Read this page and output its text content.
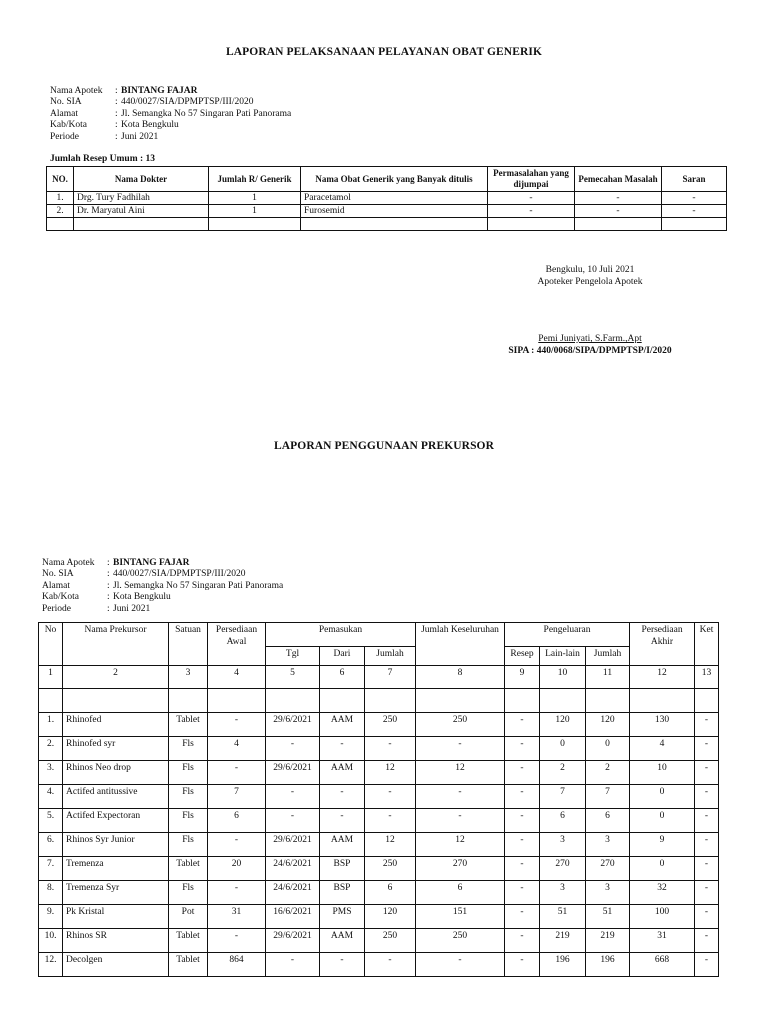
LAPORAN PELAKSANAAN PELAYANAN OBAT GENERIK
Nama Apotek	: BINTANG FAJAR
No. SIA	: 440/0027/SIA/DPMPTSP/III/2020
Alamat	: Jl. Semangka No 57 Singaran Pati Panorama
Kab/Kota	: Kota Bengkulu
Periode	: Juni 2021
Jumlah Resep Umum : 13
NO.	Nama Dokter	Jumlah R/ Generik	Nama Obat Generik yang Banyak ditulis	Permasalahan yang dijumpai	Pemecahan Masalah	Saran
1.	Drg. Tury Fadhilah	1	Paracetamol	-	-	-
2.	Dr. Maryatul Aini	1	Furosemid	-	-	-

Bengkulu, 10 Juli 2021
Apoteker Pengelola Apotek
Pemi Juniyati, S.Farm.,Apt
SIPA : 440/0068/SIPA/DPMPTSP/I/2020
LAPORAN PENGGUNAAN PREKURSOR
Nama Apotek	: BINTANG FAJAR
No. SIA	: 440/0027/SIA/DPMPTSP/III/2020
Alamat	: Jl. Semangka No 57 Singaran Pati Panorama
Kab/Kota	: Kota Bengkulu
Periode	: Juni 2021
No	Nama Prekursor	Satuan	Persediaan Awal	Pemasukan			Jumlah Keseluruhan	Pengeluaran			Persediaan Akhir	Ket
				Tgl	Dari	Jumlah		Resep	Lain-lain	Jumlah		
1	2	3	4	5	6	7	8	9	10	11	12	13

1.	Rhinofed	Tablet	-	29/6/2021	AAM	250	250	-	120	120	130	-
2.	Rhinofed syr	Fls	4	-	-	-	-	-	0	0	4	-
3.	Rhinos Neo drop	Fls	-	29/6/2021	AAM	12	12	-	2	2	10	-
4.	Actifed antitussive	Fls	7	-	-	-	-	-	7	7	0	-
5.	Actifed Expectoran	Fls	6	-	-	-	-	-	6	6	0	-
6.	Rhinos Syr Junior	Fls	-	29/6/2021	AAM	12	12	-	3	3	9	-
7.	Tremenza	Tablet	20	24/6/2021	BSP	250	270	-	270	270	0	-
8.	Tremenza Syr	Fls	-	24/6/2021	BSP	6	6	-	3	3	32	-
9.	Pk Kristal	Pot	31	16/6/2021	PMS	120	151	-	51	51	100	-
10.	Rhinos SR	Tablet	-	29/6/2021	AAM	250	250	-	219	219	31	-
12.	Decolgen	Tablet	864	-	-	-	-	-	196	196	668	-
